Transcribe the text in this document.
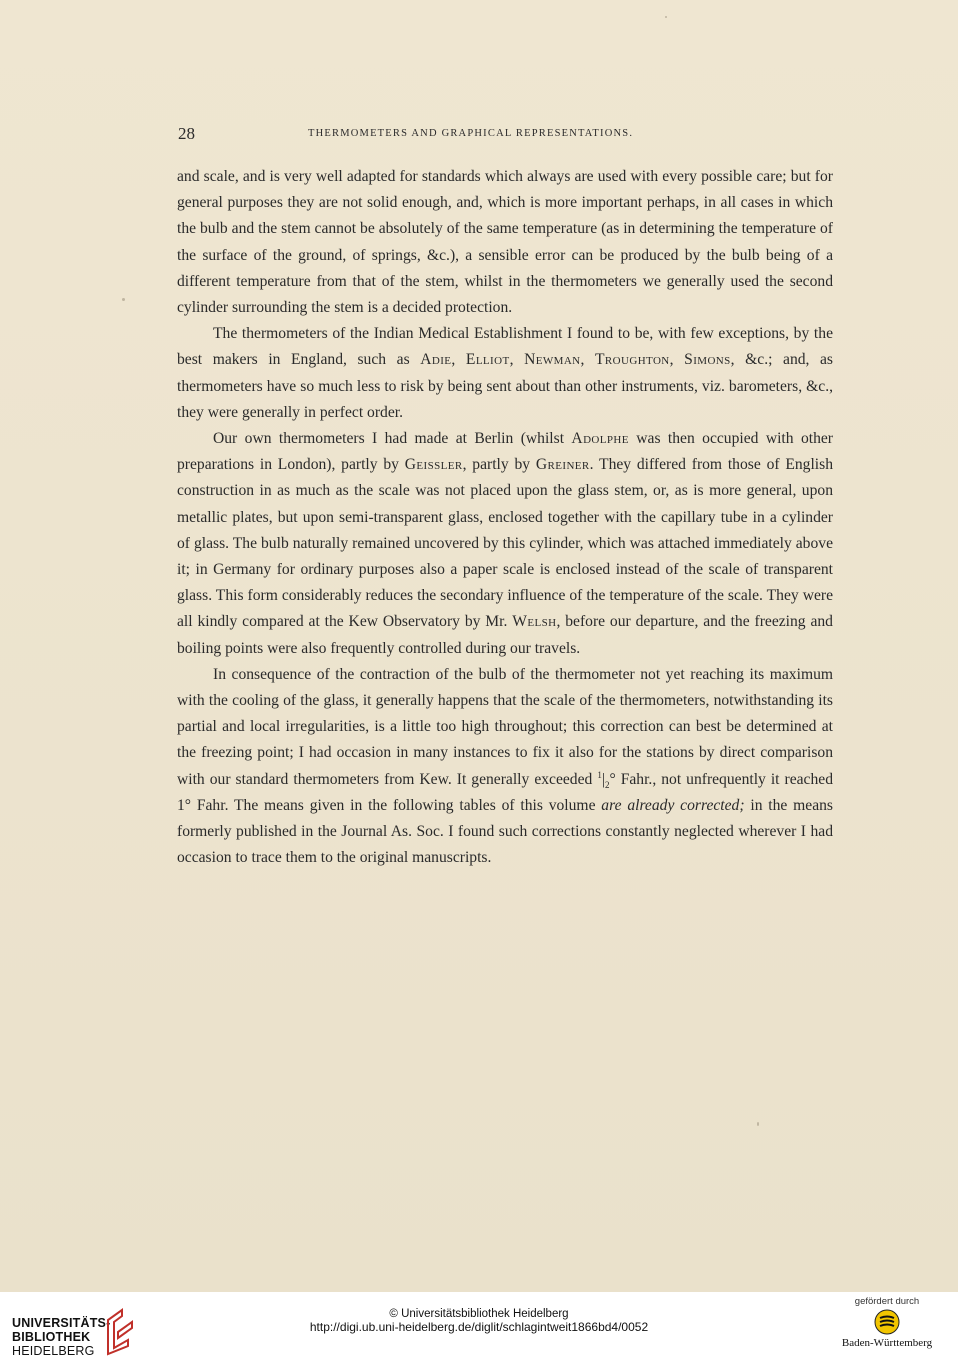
28	THERMOMETERS AND GRAPHICAL REPRESENTATIONS.

and scale, and is very well adapted for standards which always are used with every possible care; but for general purposes they are not solid enough, and, which is more important perhaps, in all cases in which the bulb and the stem cannot be absolutely of the same temperature (as in determining the temperature of the surface of the ground, of springs, &c.), a sensible error can be produced by the bulb being of a different temperature from that of the stem, whilst in the thermometers we generally used the second cylinder surrounding the stem is a decided protection.

The thermometers of the Indian Medical Establishment I found to be, with few exceptions, by the best makers in England, such as Adie, Elliot, Newman, Troughton, Simons, &c.; and, as thermometers have so much less to risk by being sent about than other instruments, viz. barometers, &c., they were generally in perfect order.

Our own thermometers I had made at Berlin (whilst Adolphe was then occupied with other preparations in London), partly by Geissler, partly by Greiner. They differed from those of English construction in as much as the scale was not placed upon the glass stem, or, as is more general, upon metallic plates, but upon semi-transparent glass, enclosed together with the capillary tube in a cylinder of glass. The bulb naturally remained uncovered by this cylinder, which was attached immediately above it; in Germany for ordinary purposes also a paper scale is enclosed instead of the scale of transparent glass. This form considerably reduces the secondary influence of the temperature of the scale. They were all kindly compared at the Kew Observatory by Mr. Welsh, before our departure, and the freezing and boiling points were also frequently controlled during our travels.

In consequence of the contraction of the bulb of the thermometer not yet reaching its maximum with the cooling of the glass, it generally happens that the scale of the thermometers, notwithstanding its partial and local irregularities, is a little too high throughout; this correction can best be determined at the freezing point; I had occasion in many instances to fix it also for the stations by direct comparison with our standard thermometers from Kew. It generally exceeded $^1|_2^\circ$ Fahr., not unfrequently it reached 1° Fahr. The means given in the following tables of this volume are already corrected; in the means formerly published in the Journal As. Soc. I found such corrections constantly neglected wherever I had occasion to trace them to the original manuscripts.

UNIVERSITÄTS-
BIBLIOTHEK
HEIDELBERG
© Universitätsbibliothek Heidelberg
http://digi.ub.uni-heidelberg.de/diglit/schlagintweit1866bd4/0052
gefördert durch
Baden-Württemberg
